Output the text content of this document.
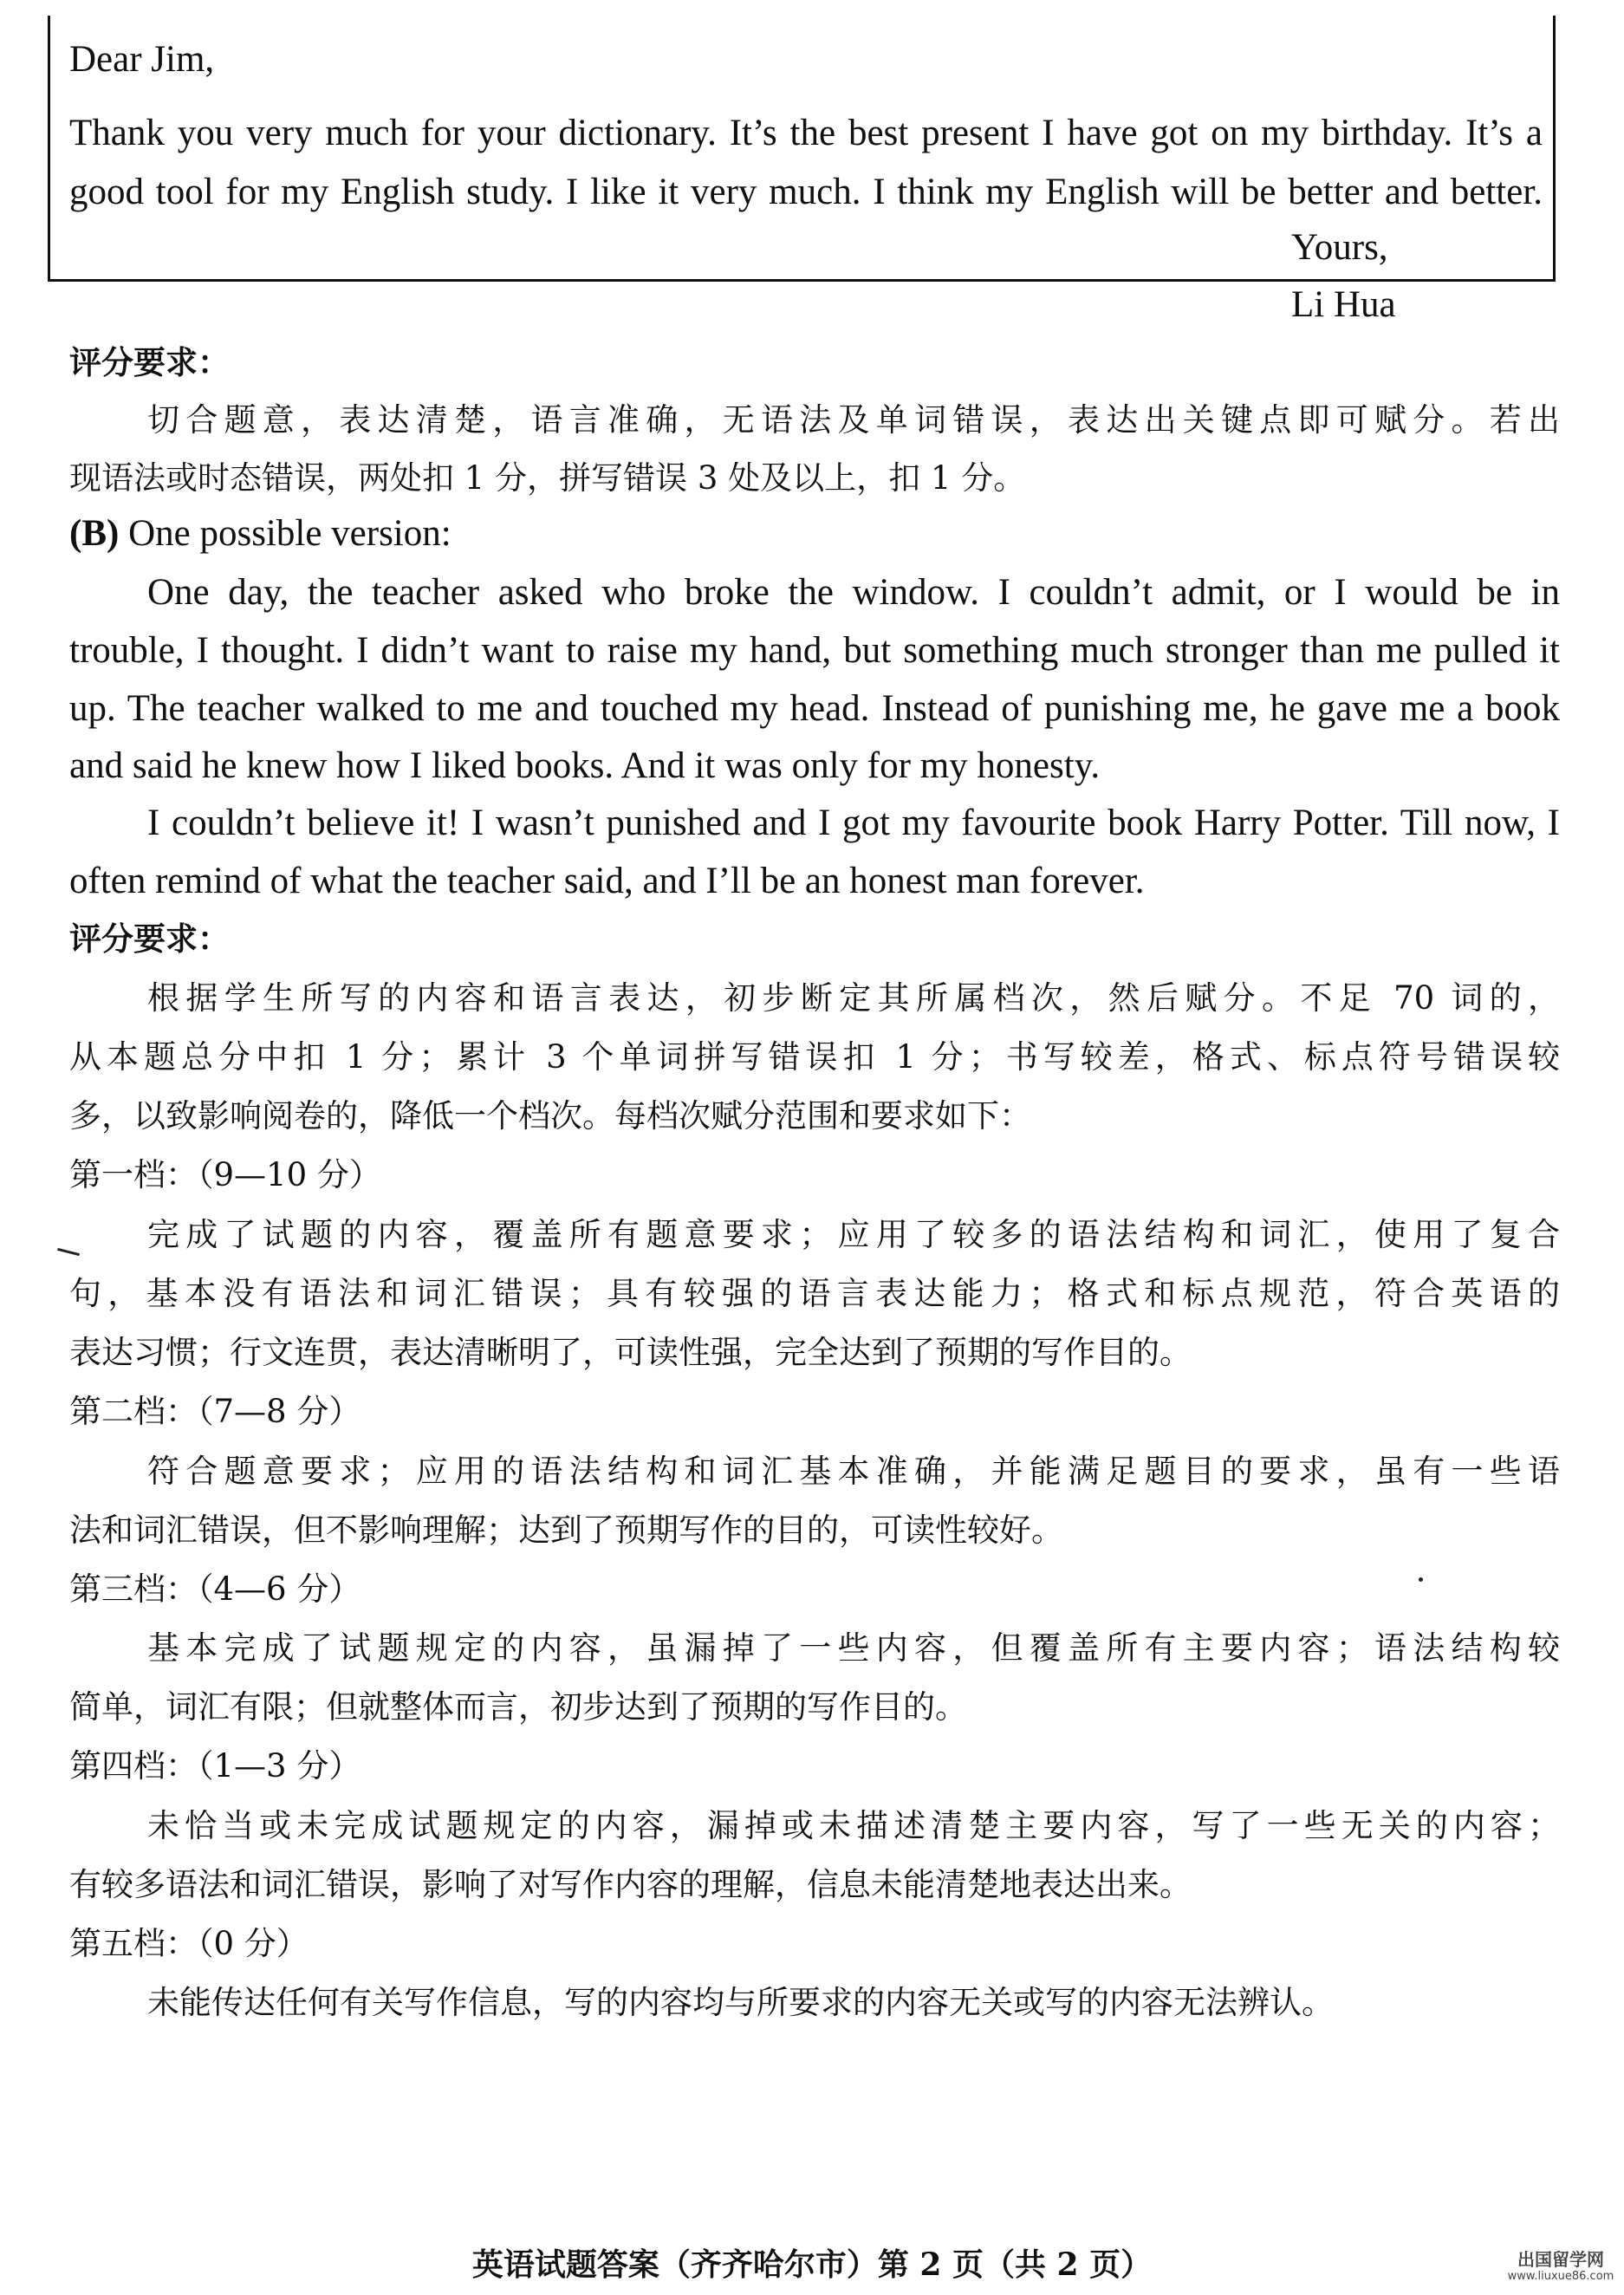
Dear Jim,
Thank you very much for your dictionary. It’s the best present I have got on my birthday. It’s a
good tool for my English study. I like it very much. I think my English will be better and better.
Yours,
Li Hua
评分要求：
切合题意，表达清楚，语言准确，无语法及单词错误，表达出关键点即可赋分。若出
现语法或时态错误，两处扣 1 分，拼写错误 3 处及以上，扣 1 分。
(B) One possible version:
One day, the teacher asked who broke the window. I couldn’t admit, or I would be in
trouble, I thought. I didn’t want to raise my hand, but something much stronger than me pulled it
up. The teacher walked to me and touched my head. Instead of punishing me, he gave me a book
and said he knew how I liked books. And it was only for my honesty.
I couldn’t believe it! I wasn’t punished and I got my favourite book Harry Potter. Till now, I
often remind of what the teacher said, and I’ll be an honest man forever.
评分要求：
根据学生所写的内容和语言表达，初步断定其所属档次，然后赋分。不足 70 词的，
从本题总分中扣 1 分；累计 3 个单词拼写错误扣 1 分；书写较差，格式、标点符号错误较
多，以致影响阅卷的，降低一个档次。每档次赋分范围和要求如下：
第一档：（9—10 分）
完成了试题的内容，覆盖所有题意要求；应用了较多的语法结构和词汇，使用了复合
句，基本没有语法和词汇错误；具有较强的语言表达能力；格式和标点规范，符合英语的
表达习惯；行文连贯，表达清晰明了，可读性强，完全达到了预期的写作目的。
第二档：（7—8 分）
符合题意要求；应用的语法结构和词汇基本准确，并能满足题目的要求，虽有一些语
法和词汇错误，但不影响理解；达到了预期写作的目的，可读性较好。
第三档：（4—6 分）
基本完成了试题规定的内容，虽漏掉了一些内容，但覆盖所有主要内容；语法结构较
简单，词汇有限；但就整体而言，初步达到了预期的写作目的。
第四档：（1—3 分）
未恰当或未完成试题规定的内容，漏掉或未描述清楚主要内容，写了一些无关的内容；
有较多语法和词汇错误，影响了对写作内容的理解，信息未能清楚地表达出来。
第五档：（0 分）
未能传达任何有关写作信息，写的内容均与所要求的内容无关或写的内容无法辨认。
英语试题答案（齐齐哈尔市）第 2 页（共 2 页）	出国留学网
www.liuxue86.com
